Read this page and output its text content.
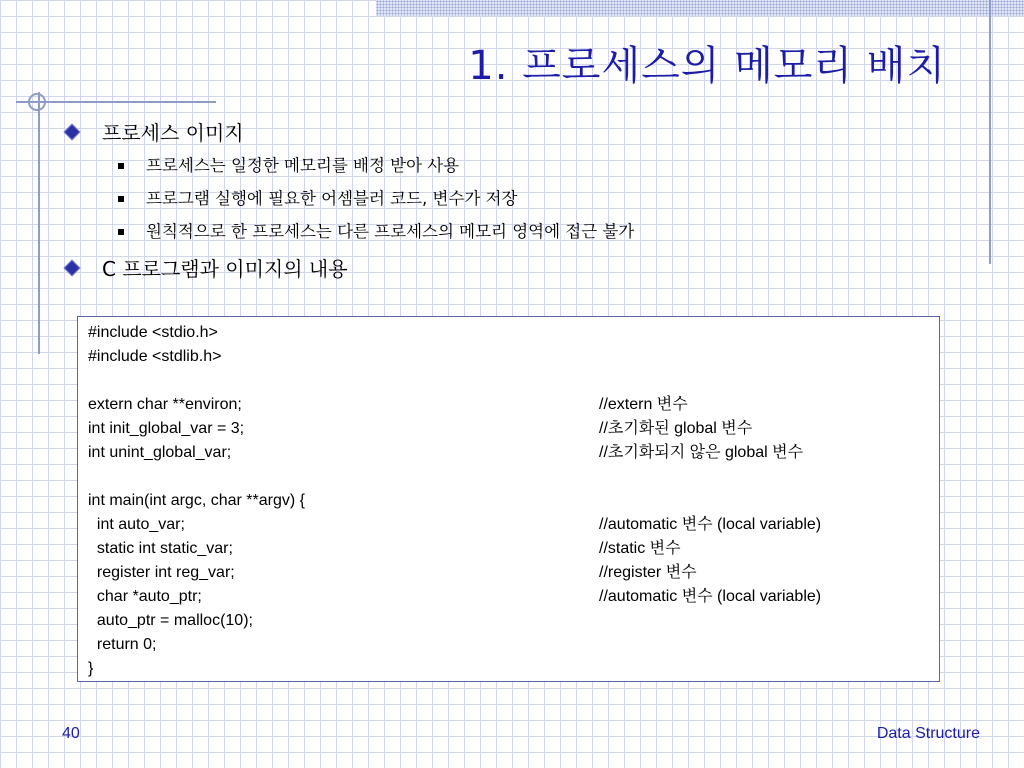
1. 프로세스의 메모리 배치
프로세스 이미지
프로세스는 일정한 메모리를 배정 받아 사용
프로그램 실행에 필요한 어셈블러 코드, 변수가 저장
원칙적으로 한 프로세스는 다른 프로세스의 메모리 영역에 접근 불가
C 프로그램과 이미지의 내용
#include <stdio.h>
#include <stdlib.h>
extern char **environ;	//extern 변수
int init_global_var = 3;	//초기화된 global 변수
int unint_global_var;	//초기화되지 않은 global 변수
int main(int argc, char **argv) {
int auto_var;	//automatic 변수 (local variable)
static int static_var;	//static 변수
register int reg_var;	//register 변수
char *auto_ptr;	//automatic 변수 (local variable)
auto_ptr = malloc(10);
return 0;
}
40	Data Structure
